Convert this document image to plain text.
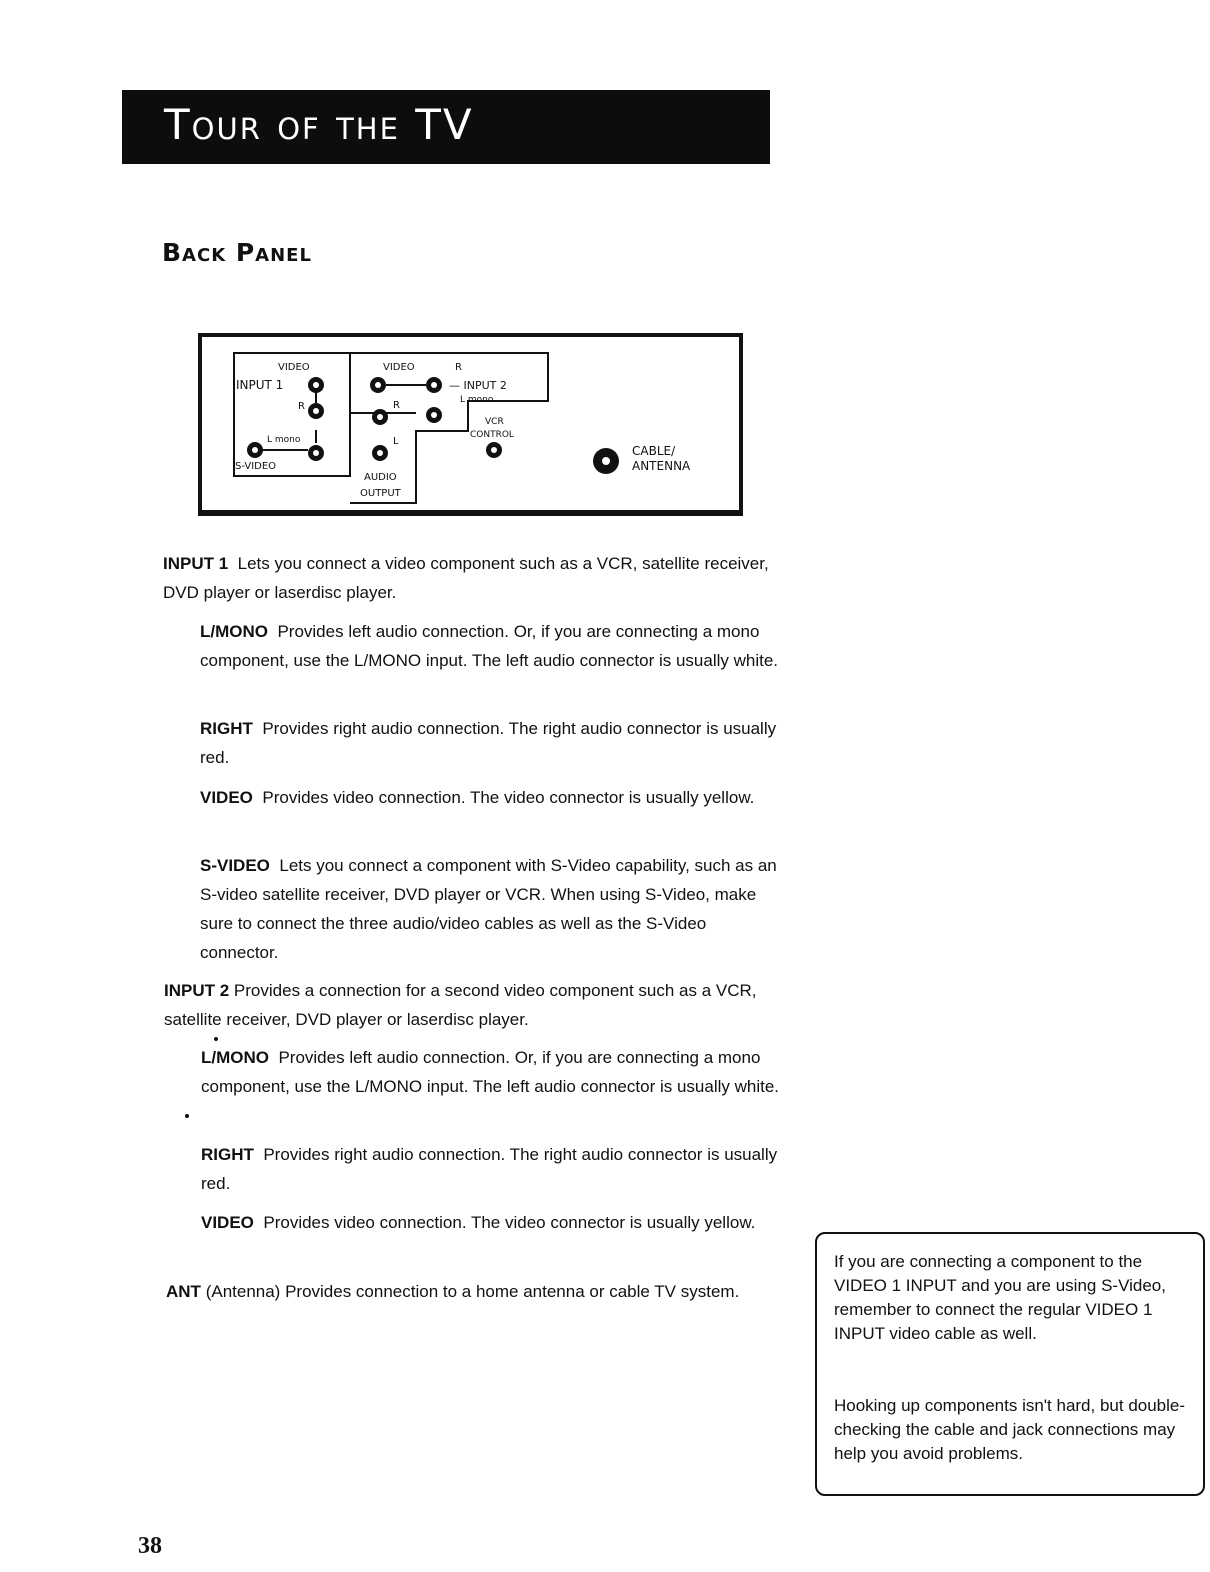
Tour of the TV
Back Panel
VIDEO
INPUT 1
R
L mono
S-VIDEO
VIDEO	R
— INPUT 2
L mono
R
L
AUDIO
OUTPUT
VCR
CONTROL
CABLE/
ANTENNA

INPUT 1 Lets you connect a video component such as a VCR, satellite receiver, DVD player or laserdisc player.

L/MONO Provides left audio connection. Or, if you are connecting a mono component, use the L/MONO input. The left audio connector is usually white.

RIGHT Provides right audio connection. The right audio connector is usually red.

VIDEO Provides video connection. The video connector is usually yellow.

S-VIDEO Lets you connect a component with S-Video capability, such as an S-video satellite receiver, DVD player or VCR. When using S-Video, make sure to connect the three audio/video cables as well as the S-Video connector.

INPUT 2 Provides a connection for a second video component such as a VCR, satellite receiver, DVD player or laserdisc player.

L/MONO Provides left audio connection. Or, if you are connecting a mono component, use the L/MONO input. The left audio connector is usually white.

RIGHT Provides right audio connection. The right audio connector is usually red.

VIDEO Provides video connection. The video connector is usually yellow.

ANT (Antenna) Provides connection to a home antenna or cable TV system.

If you are connecting a component to the VIDEO 1 INPUT and you are using S-Video, remember to connect the regular VIDEO 1 INPUT video cable as well.

Hooking up components isn't hard, but double-checking the cable and jack connections may help you avoid problems.

38
